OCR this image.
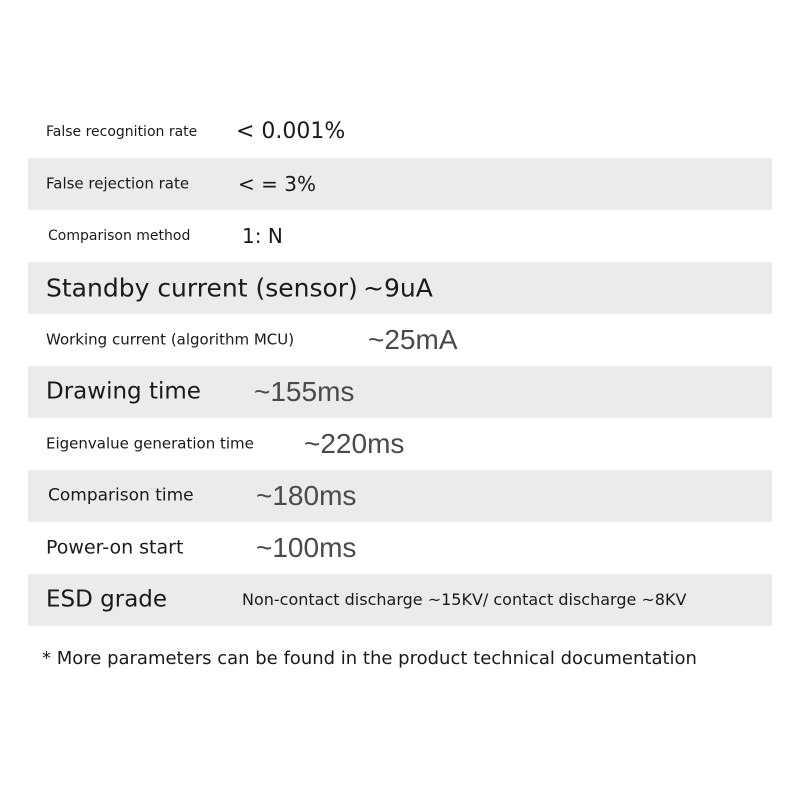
False recognition rate < 0.001%
False rejection rate < = 3%
Comparison method	1: N
Standby current (sensor) ~9uA
Working current (algorithm MCU)	~25mA
Drawing time ~155ms
Eigenvalue generation time ~220ms
Comparison time ~180ms
Power-on start	~100ms
ESD grade	Non-contact discharge ~15KV/ contact discharge ~8KV
* More parameters can be found in the product technical documentation
